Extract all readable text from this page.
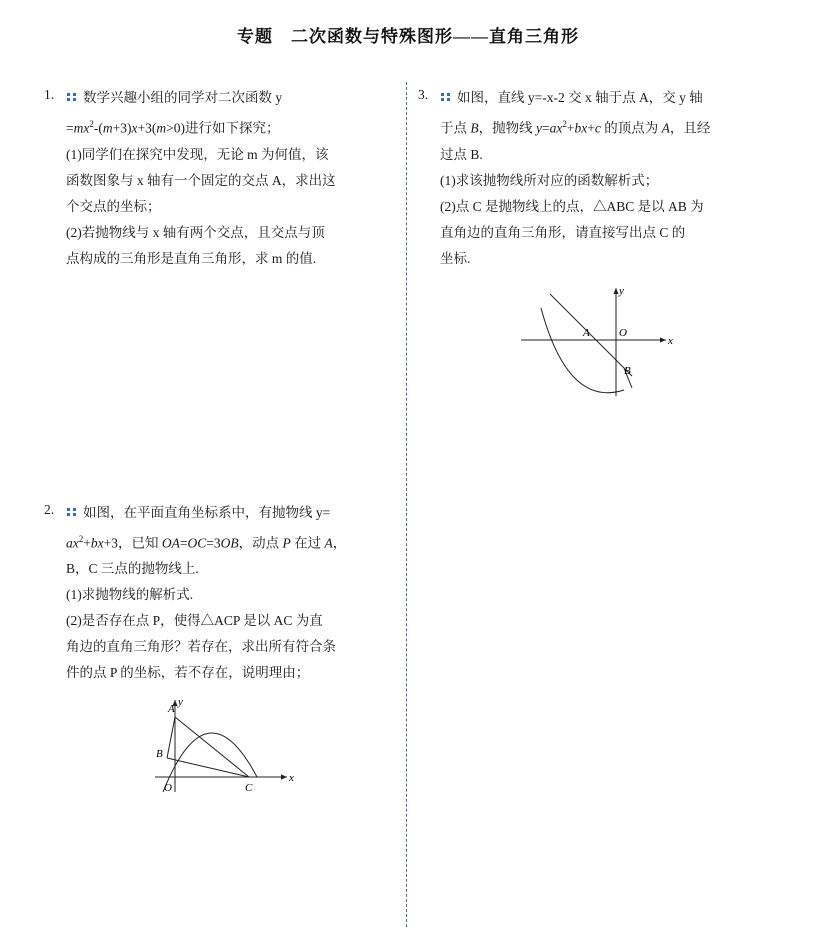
专题　二次函数与特殊图形——直角三角形
1.	数学兴趣小组的同学对二次函数 y
$=mx^2-(m+3)x+3(m>0)$进行如下探究；
(1)同学们在探究中发现，无论 m 为何值，该
函数图象与 x 轴有一个固定的交点 A，求出这
个交点的坐标；
(2)若抛物线与 x 轴有两个交点，且交点与顶
点构成的三角形是直角三角形，求 m 的值.
2.	如图，在平面直角坐标系中，有抛物线 y=
$ax^2+bx+3$，已知 OA=OC=3OB，动点 P 在过 A，
B，C 三点的抛物线上.
(1)求抛物线的解析式.
(2)是否存在点 P，使得△ACP 是以 AC 为直
角边的直角三角形？若存在，求出所有符合条
件的点 P 的坐标，若不存在，说明理由；
A
B
C
O
x
y
3.	如图，直线 y=-x-2 交 x 轴于点 A，交 y 轴
于点 B，抛物线 $y=ax^2+bx+c$ 的顶点为 A，且经
过点 B.
(1)求该抛物线所对应的函数解析式；
(2)点 C 是抛物线上的点，△ABC 是以 AB 为
直角边的直角三角形，请直接写出点 C 的
坐标.
A
B
O
x
y
